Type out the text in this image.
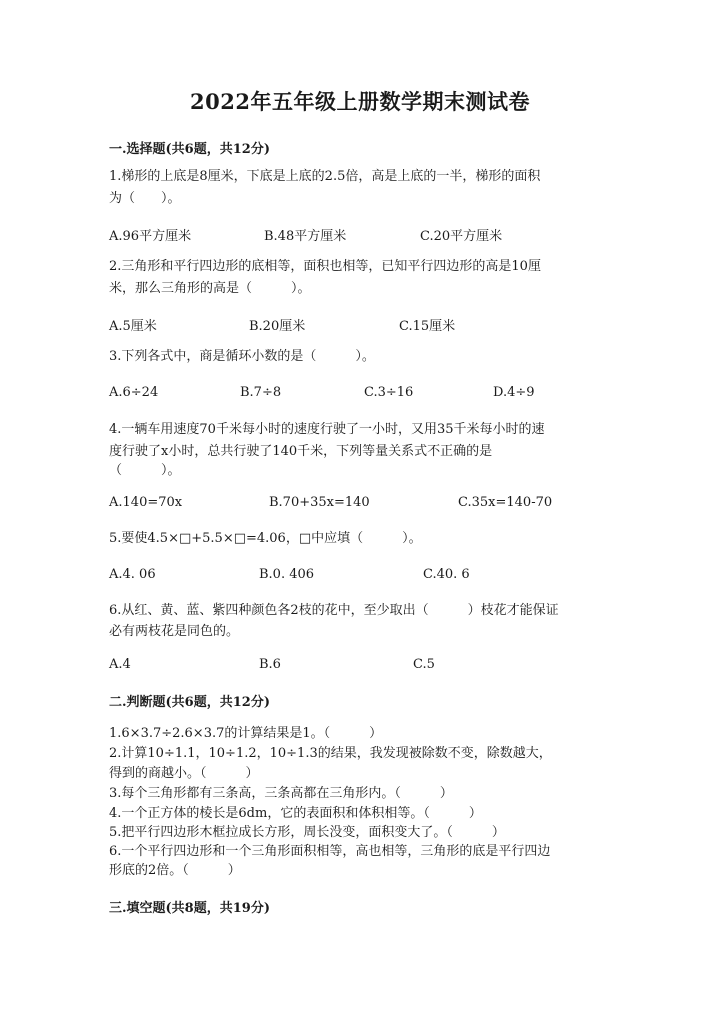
2022年五年级上册数学期末测试卷
一.选择题(共6题，共12分)
1.梯形的上底是8厘米，下底是上底的2.5倍，高是上底的一半，梯形的面积
为（　　）。
A.96平方厘米	B.48平方厘米	C.20平方厘米
2.三角形和平行四边形的底相等，面积也相等，已知平行四边形的高是10厘
米，那么三角形的高是（　　　）。
A.5厘米	B.20厘米	C.15厘米
3.下列各式中，商是循环小数的是（　　　）。
A.6÷24	B.7÷8	C.3÷16	D.4÷9
4.一辆车用速度70千米每小时的速度行驶了一小时，又用35千米每小时的速
度行驶了x小时，总共行驶了140千米，下列等量关系式不正确的是
（　　　）。
A.140=70x	B.70+35x=140	C.35x=140-70
5.要使4.5×□+5.5×□=4.06，□中应填（　　　）。
A.4. 06	B.0. 406	C.40. 6
6.从红、黄、蓝、紫四种颜色各2枝的花中，至少取出（　　　）枝花才能保证
必有两枝花是同色的。
A.4	B.6	C.5
二.判断题(共6题，共12分)
1.6×3.7÷2.6×3.7的计算结果是1。（　　　）
2.计算10÷1.1，10÷1.2，10÷1.3的结果，我发现被除数不变，除数越大，
得到的商越小。（　　　）
3.每个三角形都有三条高，三条高都在三角形内。（　　　）
4.一个正方体的棱长是6dm，它的表面积和体积相等。（　　　）
5.把平行四边形木框拉成长方形，周长没变，面积变大了。（　　　）
6.一个平行四边形和一个三角形面积相等，高也相等，三角形的底是平行四边
形底的2倍。（　　　）
三.填空题(共8题，共19分)
